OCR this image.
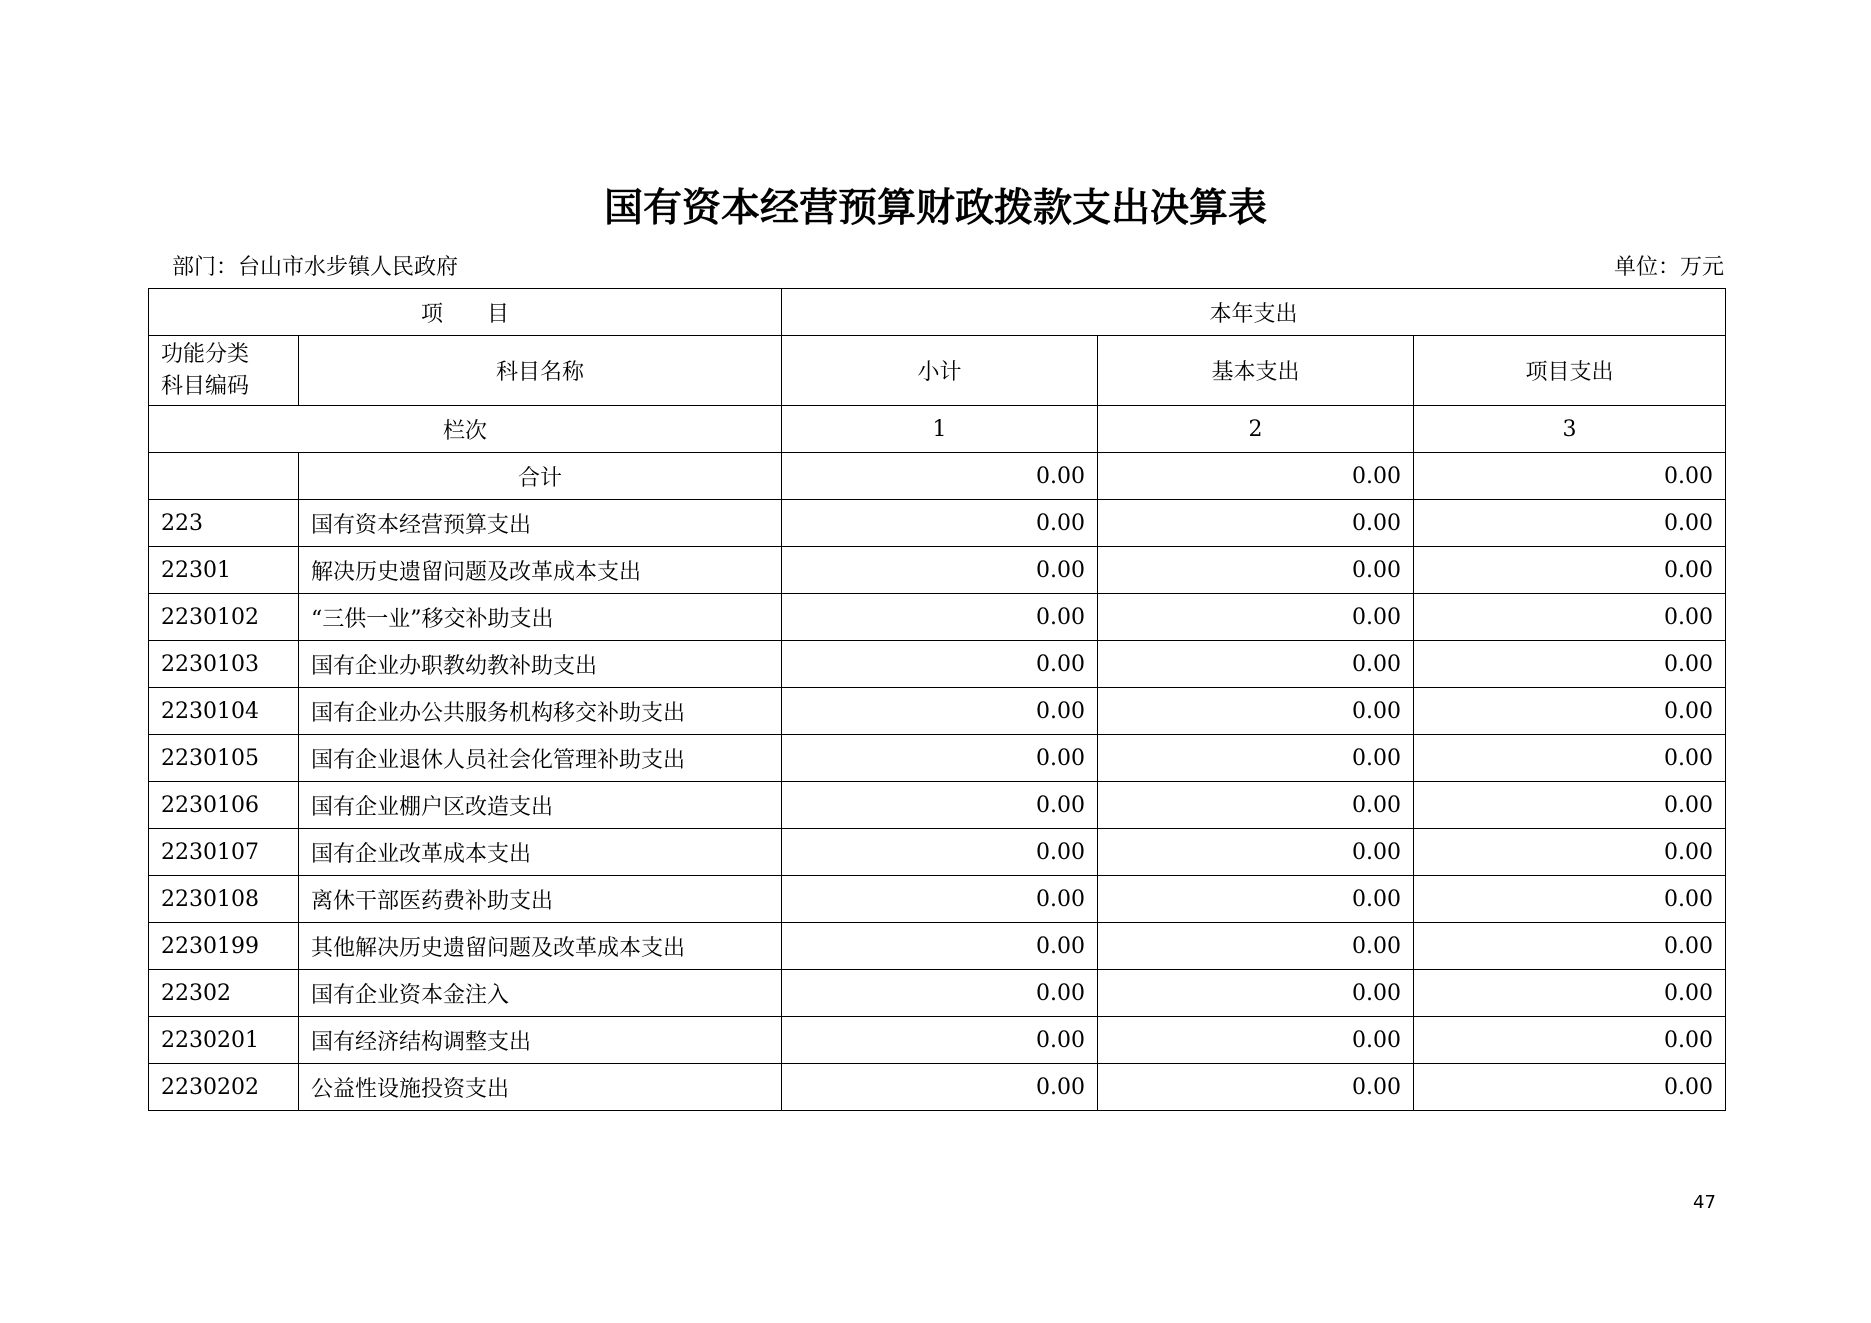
国有资本经营预算财政拨款支出决算表
部门：台山市水步镇人民政府	单位：万元
项　　目		本年支出		
功能分类
科目编码	科目名称	小计	基本支出	项目支出
栏次		1	2	3
	合计	0.00	0.00	0.00
223	国有资本经营预算支出	0.00	0.00	0.00
22301	解决历史遗留问题及改革成本支出	0.00	0.00	0.00
2230102	“三供一业”移交补助支出	0.00	0.00	0.00
2230103	国有企业办职教幼教补助支出	0.00	0.00	0.00
2230104	国有企业办公共服务机构移交补助支出	0.00	0.00	0.00
2230105	国有企业退休人员社会化管理补助支出	0.00	0.00	0.00
2230106	国有企业棚户区改造支出	0.00	0.00	0.00
2230107	国有企业改革成本支出	0.00	0.00	0.00
2230108	离休干部医药费补助支出	0.00	0.00	0.00
2230199	其他解决历史遗留问题及改革成本支出	0.00	0.00	0.00
22302	国有企业资本金注入	0.00	0.00	0.00
2230201	国有经济结构调整支出	0.00	0.00	0.00
2230202	公益性设施投资支出	0.00	0.00	0.00
47
